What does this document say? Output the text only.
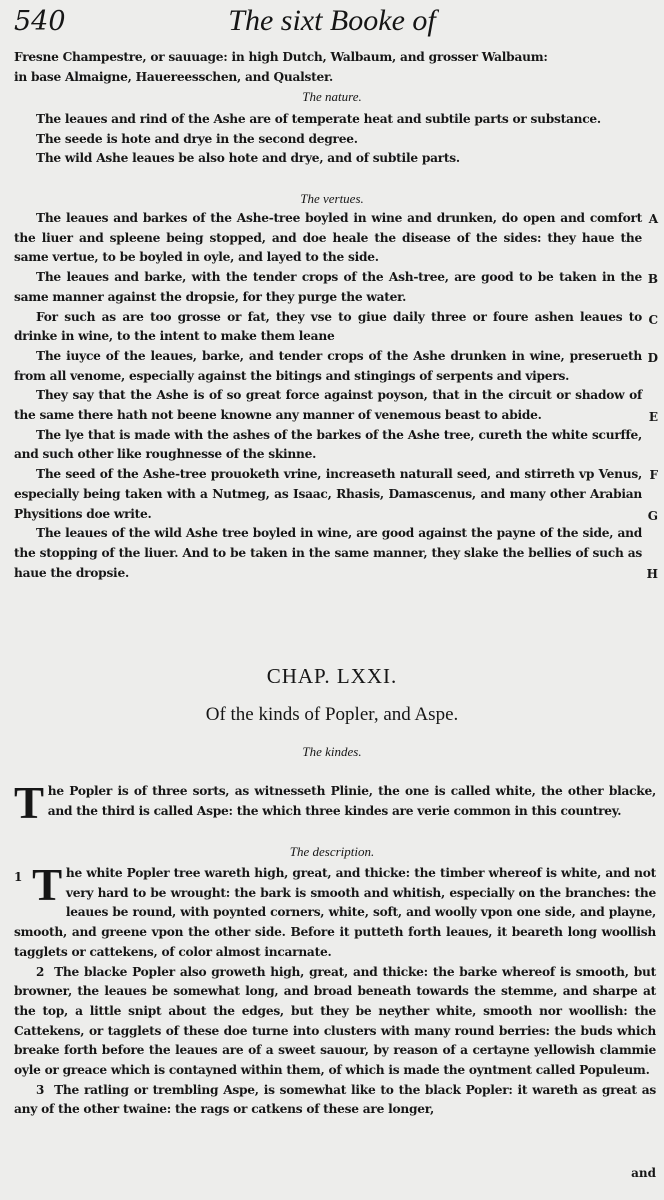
540	The sixt Booke of

Fresne Champestre, or sauuage: in high Dutch, Walbaum, and grosser Walbaum:

in base Almaigne, Hauereesschen, and Qualster.

The nature.

The leaues and rind of the Ashe are of temperate heat and subtile parts or substance.

The seede is hote and drye in the second degree.

The wild Ashe leaues be also hote and drye, and of subtile parts.

The vertues.

The leaues and barkes of the Ashe-tree boyled in wine and drunken, do open and comfort the liuer and spleene being stopped, and doe heale the disease of the sides: they haue the same vertue, to be boyled in oyle, and layed to the side.

The leaues and barke, with the tender crops of the Ash-tree, are good to be taken in the same manner against the dropsie, for they purge the water.

For such as are too grosse or fat, they vse to giue daily three or foure ashen leaues to drinke in wine, to the intent to make them leane

The iuyce of the leaues, barke, and tender crops of the Ashe drunken in wine, preserueth from all venome, especially against the bitings and stingings of serpents and vipers.

They say that the Ashe is of so great force against poyson, that in the circuit or shadow of the same there hath not beene knowne any manner of venemous beast to abide.

The lye that is made with the ashes of the barkes of the Ashe tree, cureth the white scurffe, and such other like roughnesse of the skinne.

The seed of the Ashe-tree prouoketh vrine, increaseth naturall seed, and stirreth vp Venus, especially being taken with a Nutmeg, as Isaac, Rhasis, Damascenus, and many other Arabian Physitions doe write.

The leaues of the wild Ashe tree boyled in wine, are good against the payne of the side, and the stopping of the liuer. And to be taken in the same manner, they slake the bellies of such as haue the dropsie.

A
B
C
D
E
F
G
H
CHAP. LXXI.
Of the kinds of Popler, and Aspe.
The kindes.
T he Popler is of three sorts, as witnesseth Plinie, the one is called white, the other blacke, and the third is called Aspe: the which three kindes are verie common in this countrey.
The description.
1 T he white Popler tree wareth high, great, and thicke: the timber whereof is white, and not very hard to be wrought: the bark is smooth and whitish, especially on the branches: the leaues be round, with poynted corners, white, soft, and woolly vpon one side, and playne, smooth, and greene vpon the other side. Before it putteth forth leaues, it beareth long woollish tagglets or cattekens, of color almost incarnate.

2 The blacke Popler also groweth high, great, and thicke: the barke whereof is smooth, but browner, the leaues be somewhat long, and broad beneath towards the stemme, and sharpe at the top, a little snipt about the edges, but they be neyther white, smooth nor woollish: the Cattekens, or tagglets of these doe turne into clusters with many round berries: the buds which breake forth before the leaues are of a sweet sauour, by reason of a certayne yellowish clammie oyle or greace which is contayned within them, of which is made the oyntment called Populeum.

3 The ratling or trembling Aspe, is somewhat like to the black Popler: it wareth as great as any of the other twaine: the rags or catkens of these are longer,

and
